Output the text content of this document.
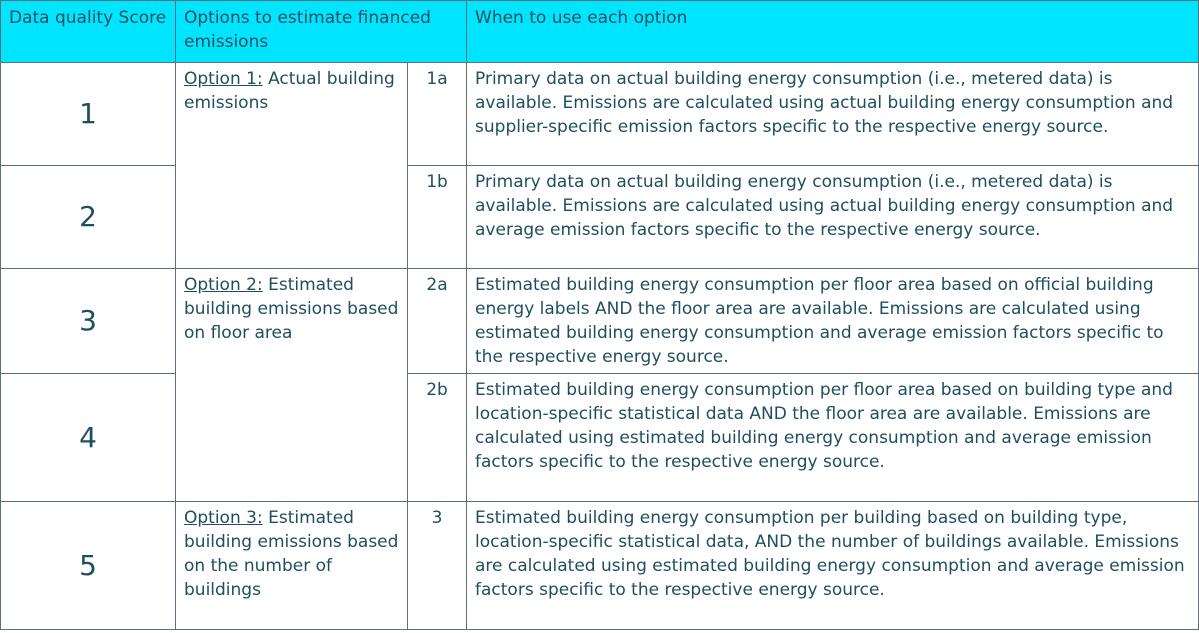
Data quality Score	Options to estimate financed emissions		When to use each option
1	Option 1: Actual building emissions	1a	Primary data on actual building energy consumption (i.e., metered data) is available. Emissions are calculated using actual building energy consumption and supplier-specific emission factors specific to the respective energy source.
2		1b	Primary data on actual building energy consumption (i.e., metered data) is available. Emissions are calculated using actual building energy consumption and average emission factors specific to the respective energy source.
3	Option 2: Estimated building emissions based on floor area	2a	Estimated building energy consumption per floor area based on official building energy labels AND the floor area are available. Emissions are calculated using estimated building energy consumption and average emission factors specific to the respective energy source.
4		2b	Estimated building energy consumption per floor area based on building type and location-specific statistical data AND the floor area are available. Emissions are calculated using estimated building energy consumption and average emission factors specific to the respective energy source.
5	Option 3: Estimated building emissions based on the number of buildings	3	Estimated building energy consumption per building based on building type, location-specific statistical data, AND the number of buildings available. Emissions are calculated using estimated building energy consumption and average emission factors specific to the respective energy source.
